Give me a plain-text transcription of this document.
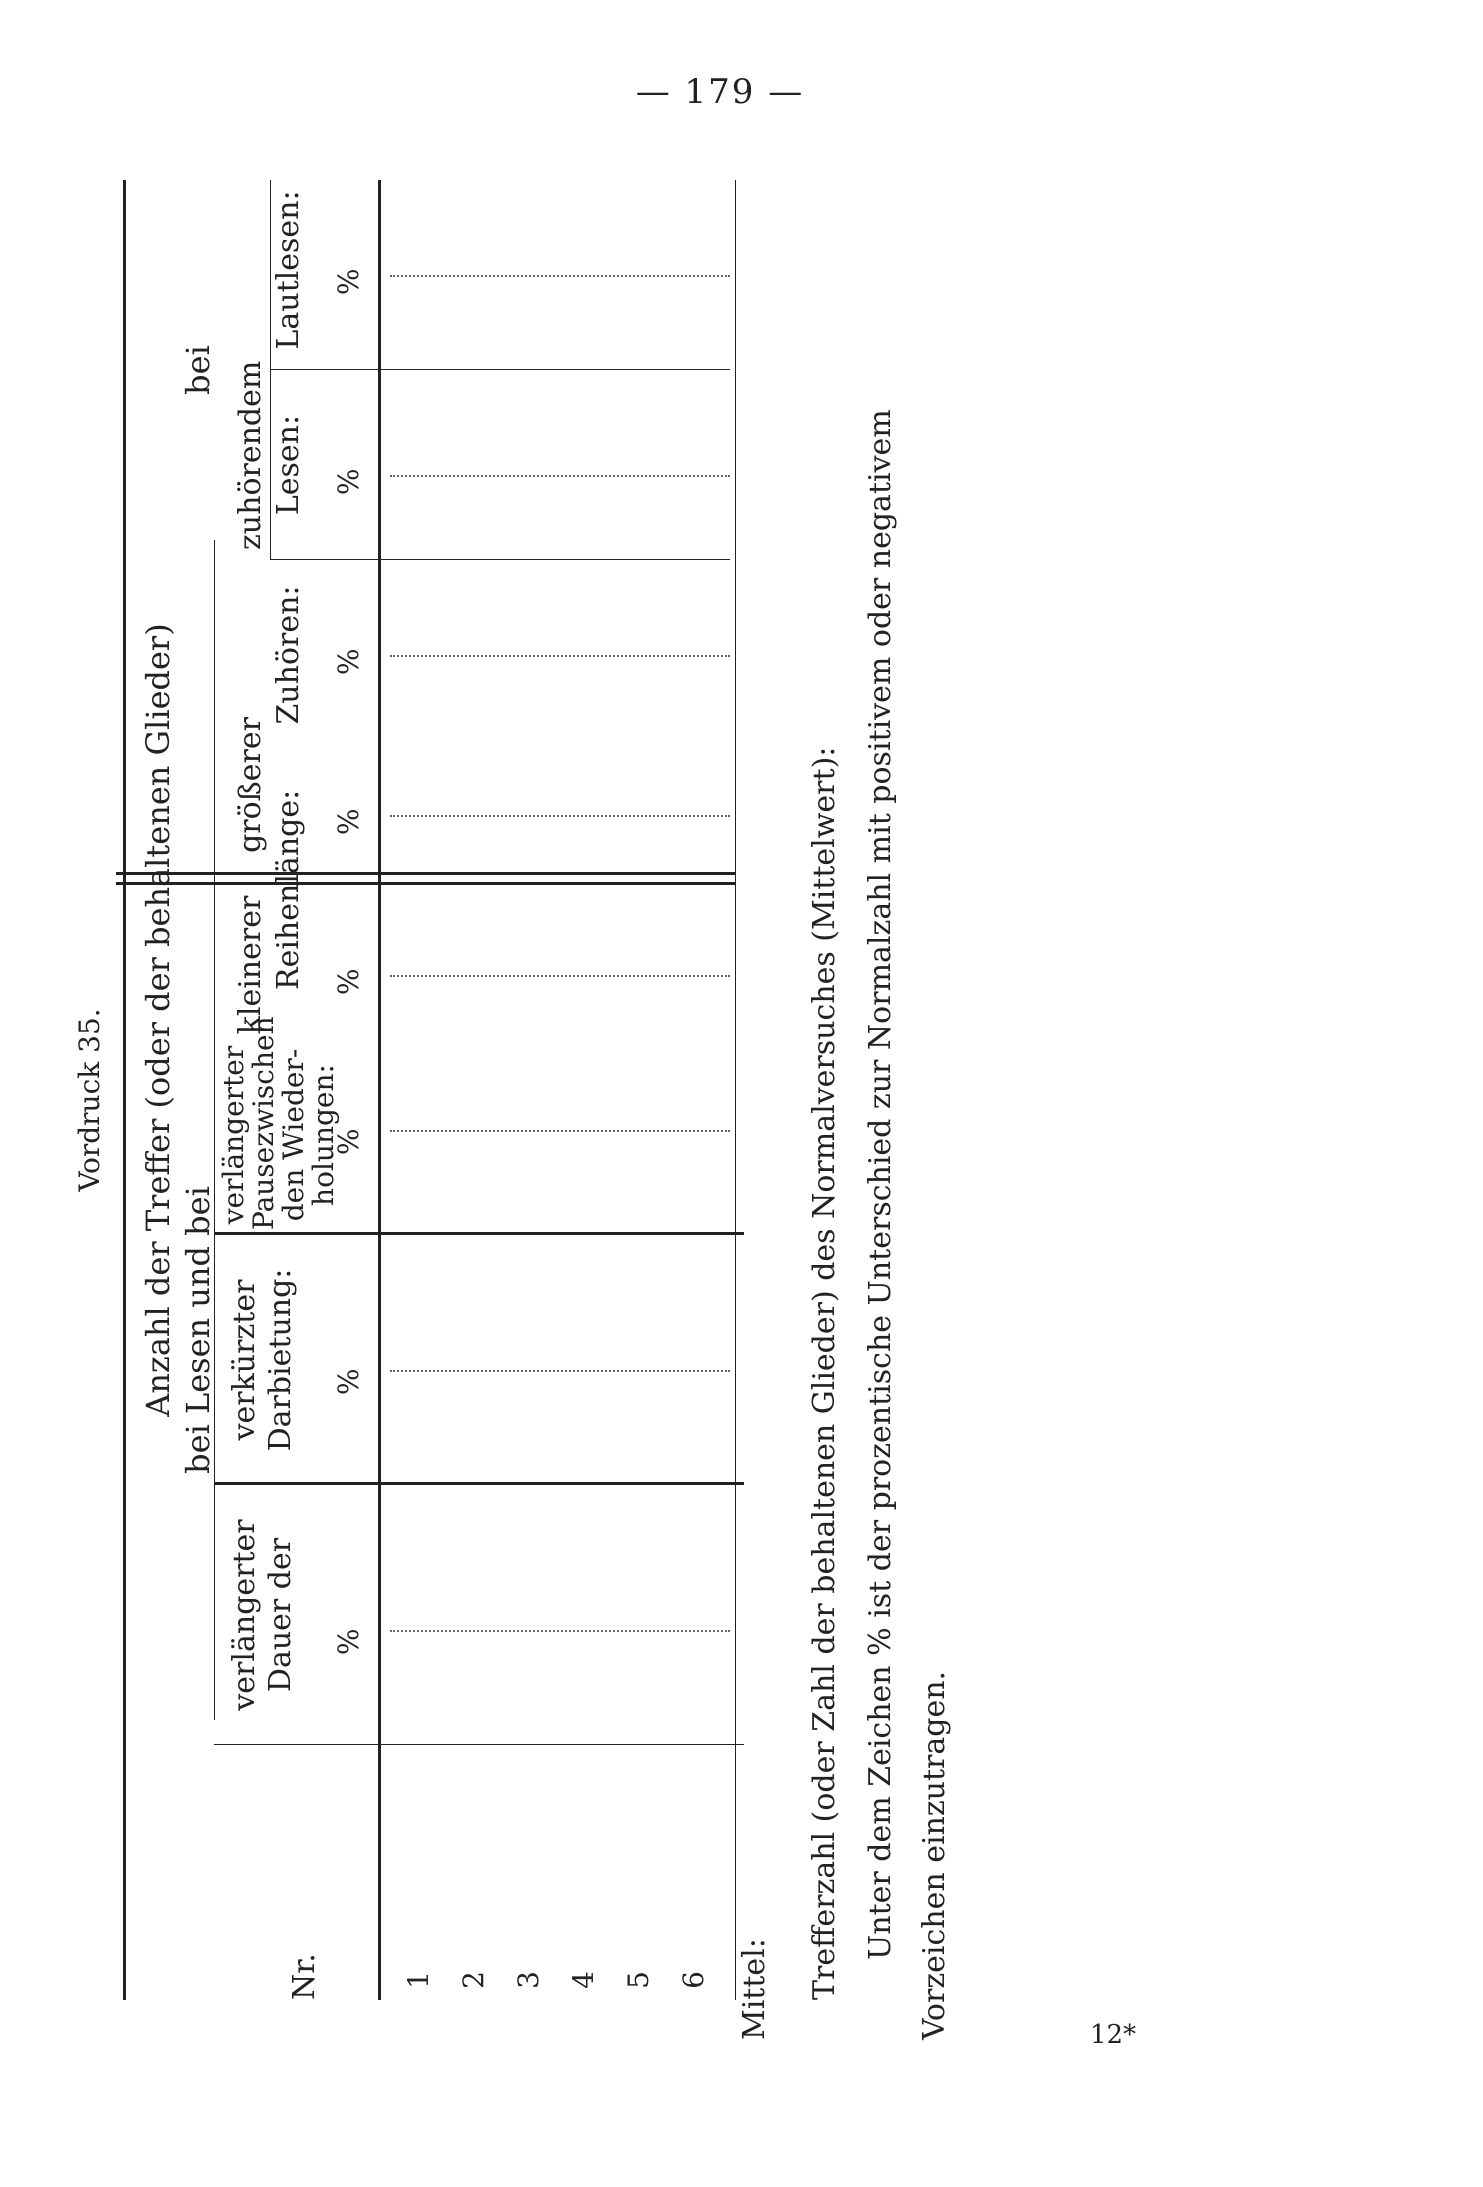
— 179 —
Vordruck 35. Anzahl der Treffer (oder der behaltenen Glieder) bei Lesen und bei
bei
Nr.
verlängerter Dauer der
verkürzter Darbietung:
verlängerter
Pausezwischen
den Wieder-
holungen:
kleinerer Reihenlänge:
größerer
Zuhören:
zuhörendem Lesen:
Lautlesen:
%
%
%
%
%
%
%
%
1 2 3 4 5 6 Mittel: Trefferzahl (oder Zahl der behaltenen Glieder) des Normalversuches (Mittelwert): Unter dem Zeichen % ist der prozentische Unterschied zur Normalzahl mit positivem oder negativem Vorzeichen einzutragen.	12*
